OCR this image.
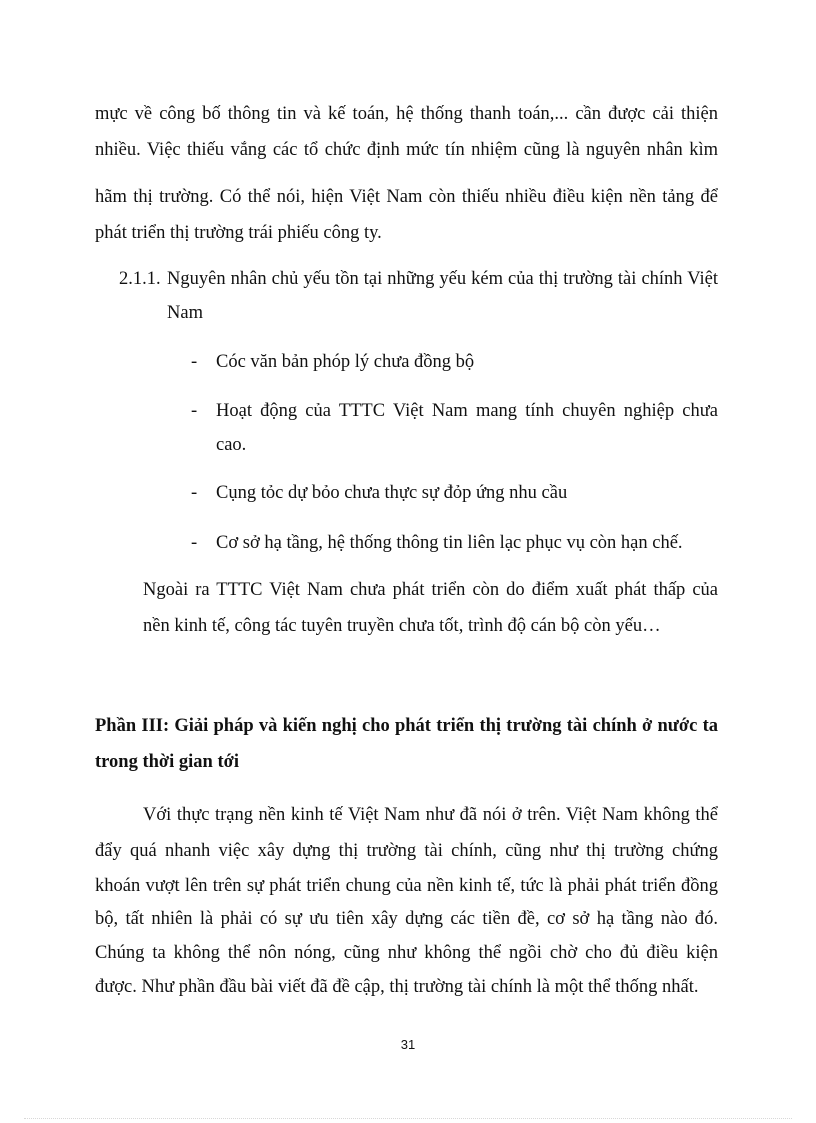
mực về công bố thông tin và kế toán, hệ thống thanh toán,... cần được cải thiện

nhiều. Việc thiếu vắng các tổ chức định mức tín nhiệm cũng là nguyên nhân kìm

hãm thị trường. Có thể nói, hiện Việt Nam còn thiếu nhiều điều kiện nền tảng để

phát triển thị trường trái phiếu công ty.

2.1.1. Nguyên nhân chủ yếu tồn tại những yếu kém của thị trường tài chính Việt
Nam
- Cóc văn bản phóp lý chưa đồng bộ
- Hoạt động của TTTC Việt Nam mang tính chuyên nghiệp chưa
cao.
- Cụng tỏc dự bỏo chưa thực sự đỏp ứng nhu cầu
- Cơ sở hạ tầng, hệ thống thông tin liên lạc phục vụ còn hạn chế.

Ngoài ra TTTC Việt Nam chưa phát triển còn do điểm xuất phát thấp của

nền kinh tế, công tác tuyên truyền chưa tốt, trình độ cán bộ còn yếu…

Phần III: Giải pháp và kiến nghị cho phát triển thị trường tài chính ở nước ta
trong thời gian tới

Với thực trạng nền kinh tế Việt Nam như đã nói ở trên. Việt Nam không thể

đẩy quá nhanh việc xây dựng thị trường tài chính, cũng như thị trường chứng

khoán vượt lên trên sự phát triển chung của nền kinh tế, tức là phải phát triển đồng

bộ, tất nhiên là phải có sự ưu tiên xây dựng các tiền đề, cơ sở hạ tầng nào đó.

Chúng ta không thể nôn nóng, cũng như không thể ngồi chờ cho đủ điều kiện

được. Như phần đầu bài viết đã đề cập, thị trường tài chính là một thể thống nhất.

31
